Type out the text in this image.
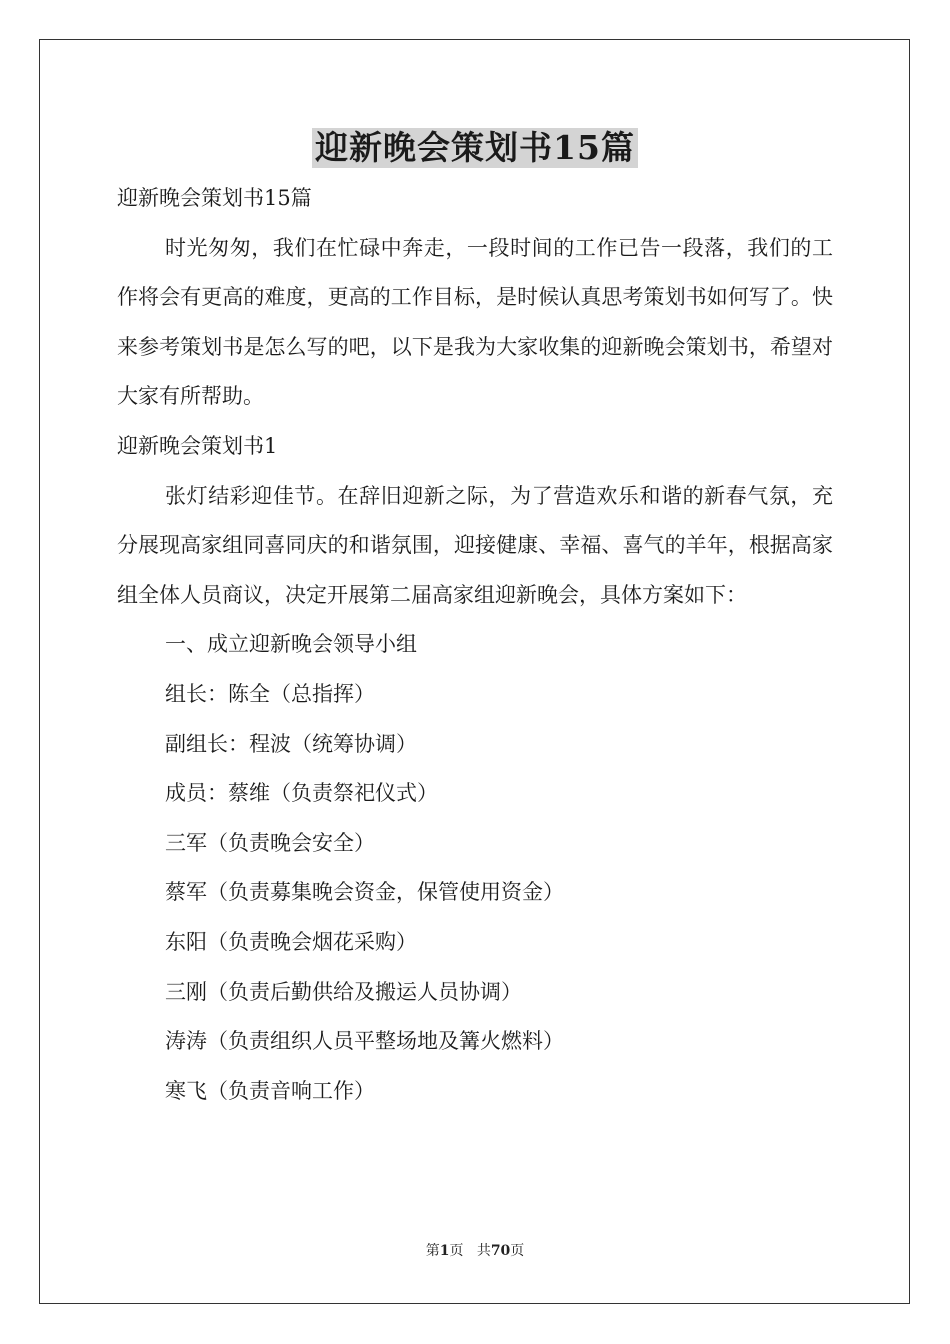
迎新晚会策划书15篇

迎新晚会策划书15篇

时光匆匆，我们在忙碌中奔走，一段时间的工作已告一段落，我们的工作将会有更高的难度，更高的工作目标，是时候认真思考策划书如何写了。快来参考策划书是怎么写的吧，以下是我为大家收集的迎新晚会策划书，希望对大家有所帮助。

迎新晚会策划书1

张灯结彩迎佳节。在辞旧迎新之际，为了营造欢乐和谐的新春气氛，充分展现高家组同喜同庆的和谐氛围，迎接健康、幸福、喜气的羊年，根据高家组全体人员商议，决定开展第二届高家组迎新晚会，具体方案如下：

一、成立迎新晚会领导小组

组长：陈全（总指挥）

副组长：程波（统筹协调）

成员：蔡维（负责祭祀仪式）

三军（负责晚会安全）

蔡军（负责募集晚会资金，保管使用资金）

东阳（负责晚会烟花采购）

三刚（负责后勤供给及搬运人员协调）

涛涛（负责组织人员平整场地及篝火燃料）

寒飞（负责音响工作）

第1页 共70页
